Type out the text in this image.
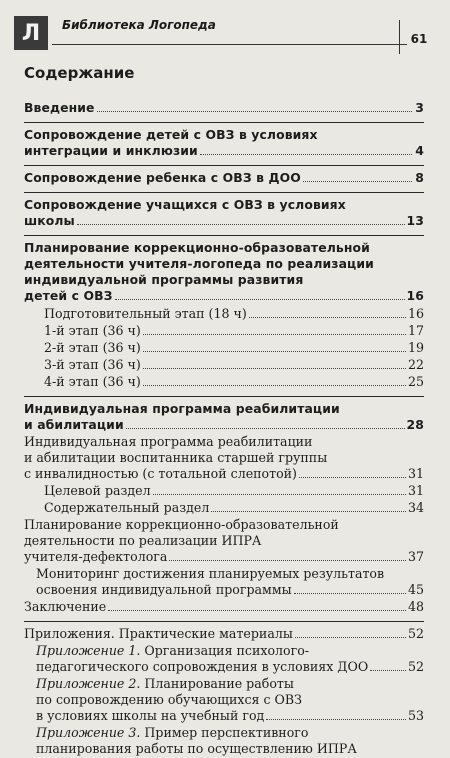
Л	Библиотека Логопеда
61
Содержание
Введение	3
Сопровождение детей с ОВЗ в условиях
интеграции и инклюзии	4
Сопровождение ребенка с ОВЗ в ДОО	8
Сопровождение учащихся с ОВЗ в условиях
школы	13
Планирование коррекционно-образовательной
деятельности учителя-логопеда по реализации
индивидуальной программы развития
детей с ОВЗ	16
Подготовительный этап (18 ч)	16
1-й этап (36 ч)	17
2-й этап (36 ч)	19
3-й этап (36 ч)	22
4-й этап (36 ч)	25
Индивидуальная программа реабилитации
и абилитации	28
Индивидуальная программа реабилитации
и абилитации воспитанника старшей группы
с инвалидностью (с тотальной слепотой)	31
Целевой раздел	31
Содержательный раздел	34
Планирование коррекционно-образовательной
деятельности по реализации ИПРА
учителя-дефектолога	37
Мониторинг достижения планируемых результатов
освоения индивидуальной программы	45
Заключение	48
Приложения. Практические материалы	52
Приложение 1.
Организация психолого-
педагогического сопровождения в условиях ДОО	52
Приложение 2.
Планирование работы
по сопровождению обучающихся с ОВЗ
в условиях школы на учебный год	53
Приложение 3.
Пример перспективного
планирования работы по осуществлению ИПРА
